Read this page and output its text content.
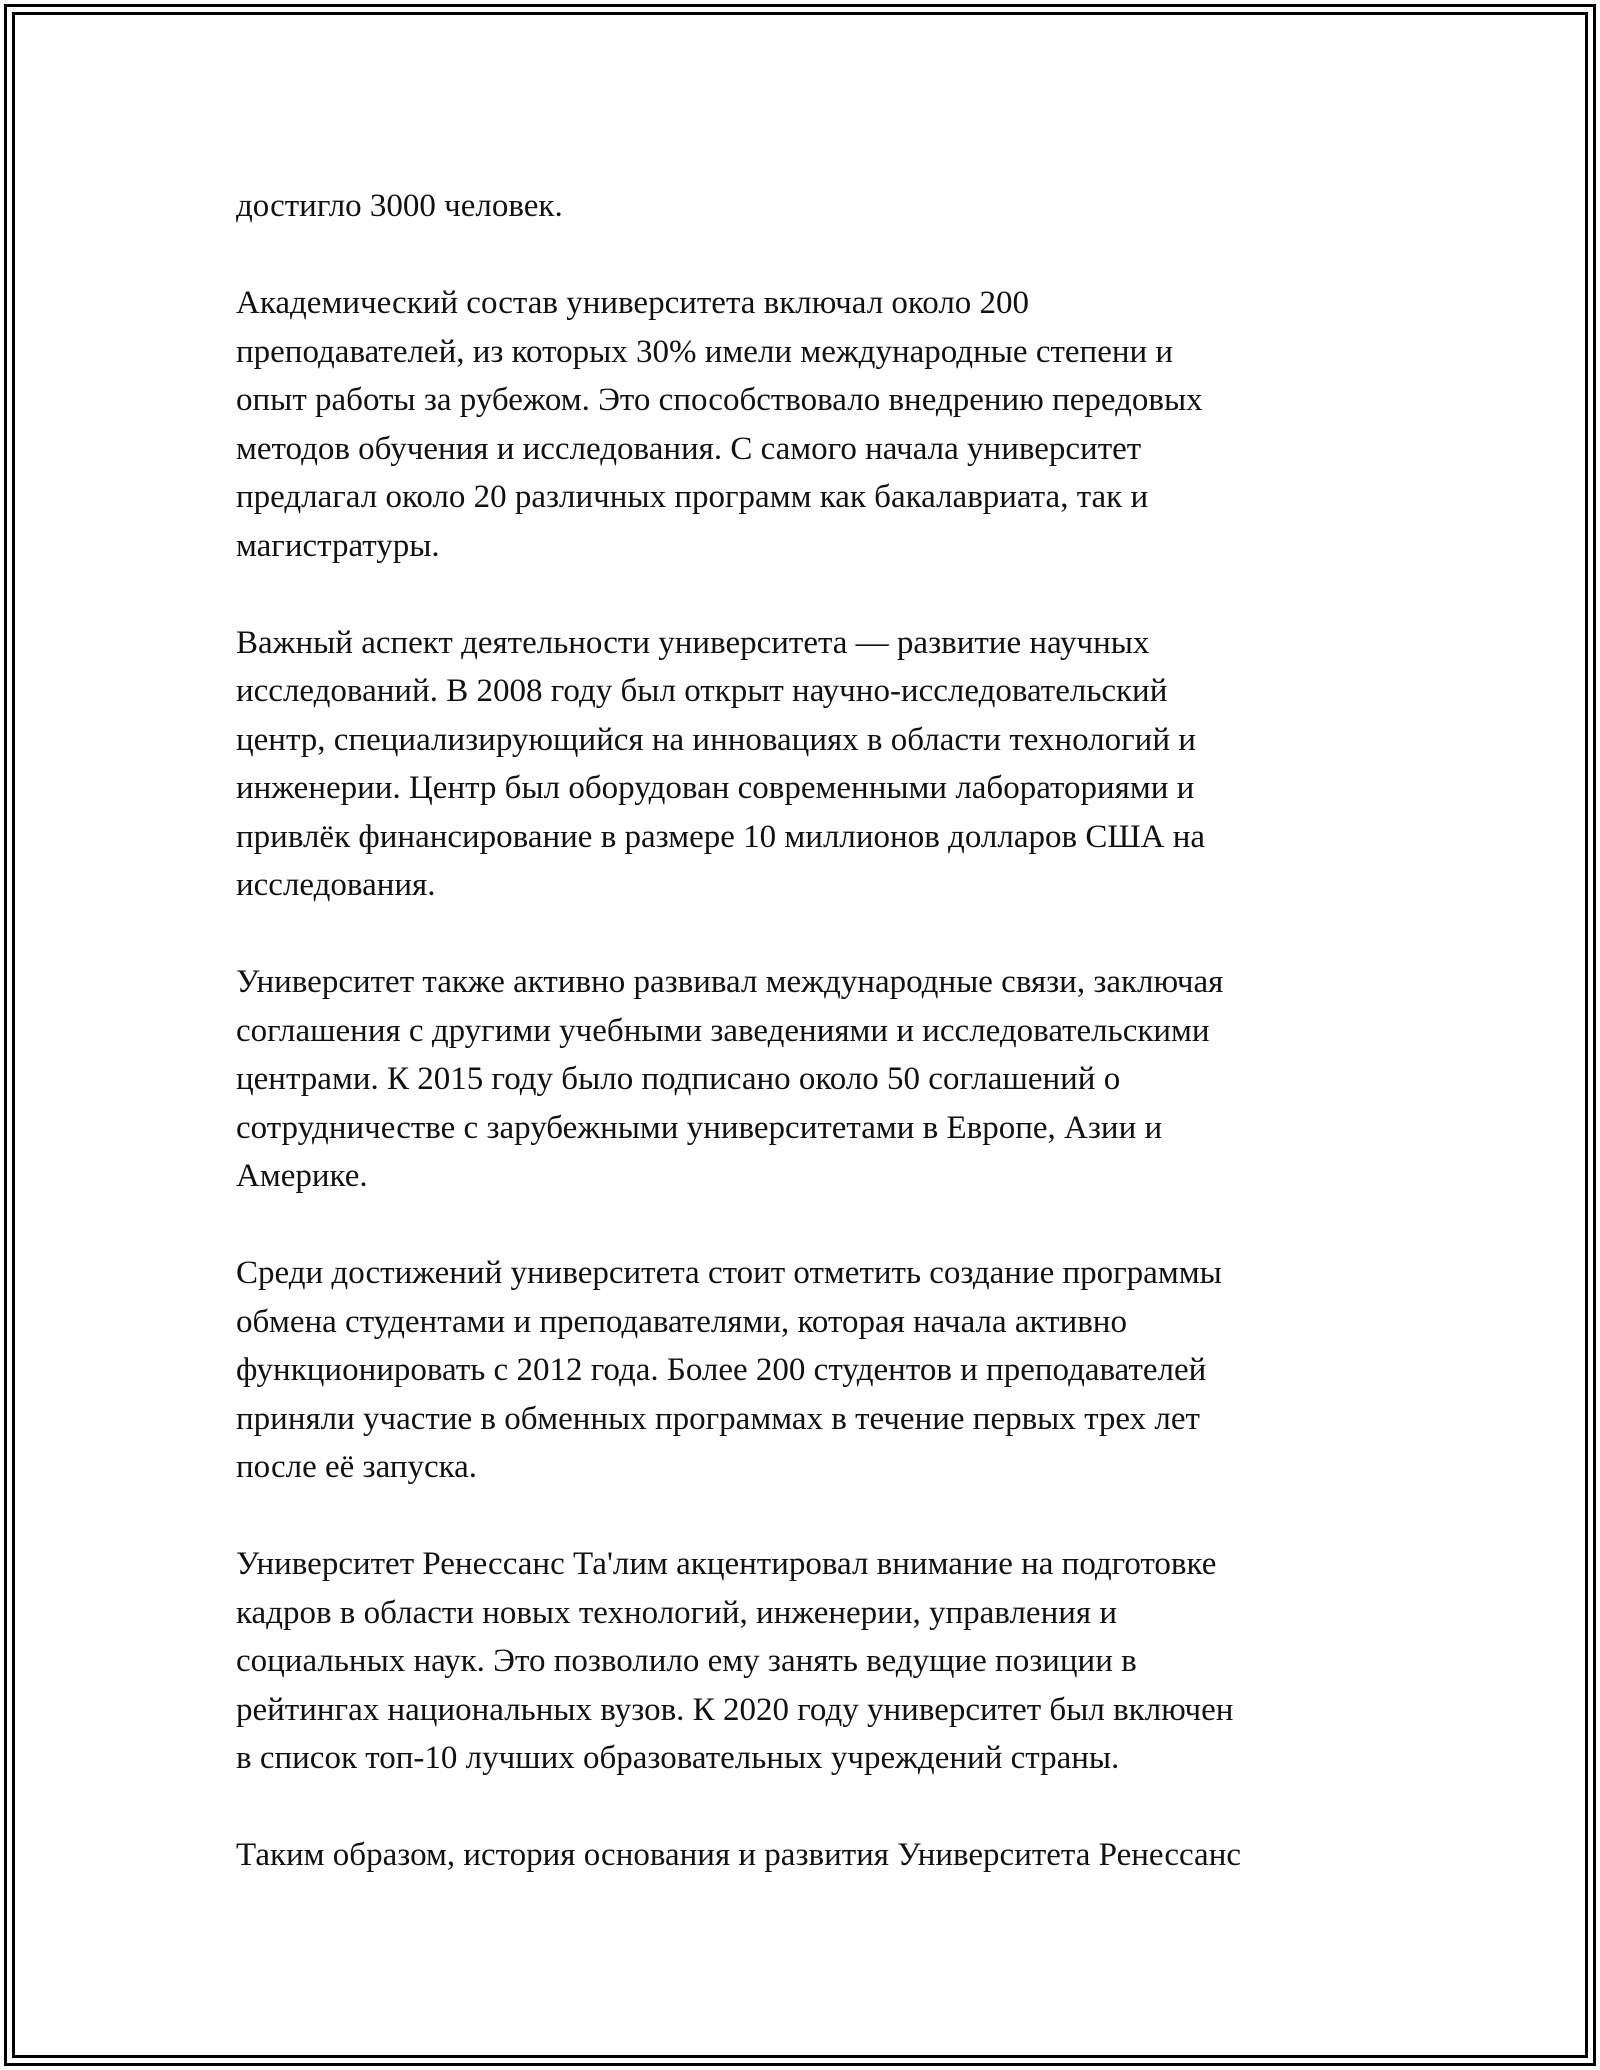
достигло 3000 человек.

Академический состав университета включал около 200
преподавателей, из которых 30% имели международные степени и
опыт работы за рубежом. Это способствовало внедрению передовых
методов обучения и исследования. С самого начала университет
предлагал около 20 различных программ как бакалавриата, так и
магистратуры.

Важный аспект деятельности университета — развитие научных
исследований. В 2008 году был открыт научно-исследовательский
центр, специализирующийся на инновациях в области технологий и
инженерии. Центр был оборудован современными лабораториями и
привлёк финансирование в размере 10 миллионов долларов США на
исследования.

Университет также активно развивал международные связи, заключая
соглашения с другими учебными заведениями и исследовательскими
центрами. К 2015 году было подписано около 50 соглашений о
сотрудничестве с зарубежными университетами в Европе, Азии и
Америке.

Среди достижений университета стоит отметить создание программы
обмена студентами и преподавателями, которая начала активно
функционировать с 2012 года. Более 200 студентов и преподавателей
приняли участие в обменных программах в течение первых трех лет
после её запуска.

Университет Ренессанс Та'лим акцентировал внимание на подготовке
кадров в области новых технологий, инженерии, управления и
социальных наук. Это позволило ему занять ведущие позиции в
рейтингах национальных вузов. К 2020 году университет был включен
в список топ-10 лучших образовательных учреждений страны.

Таким образом, история основания и развития Университета Ренессанс
